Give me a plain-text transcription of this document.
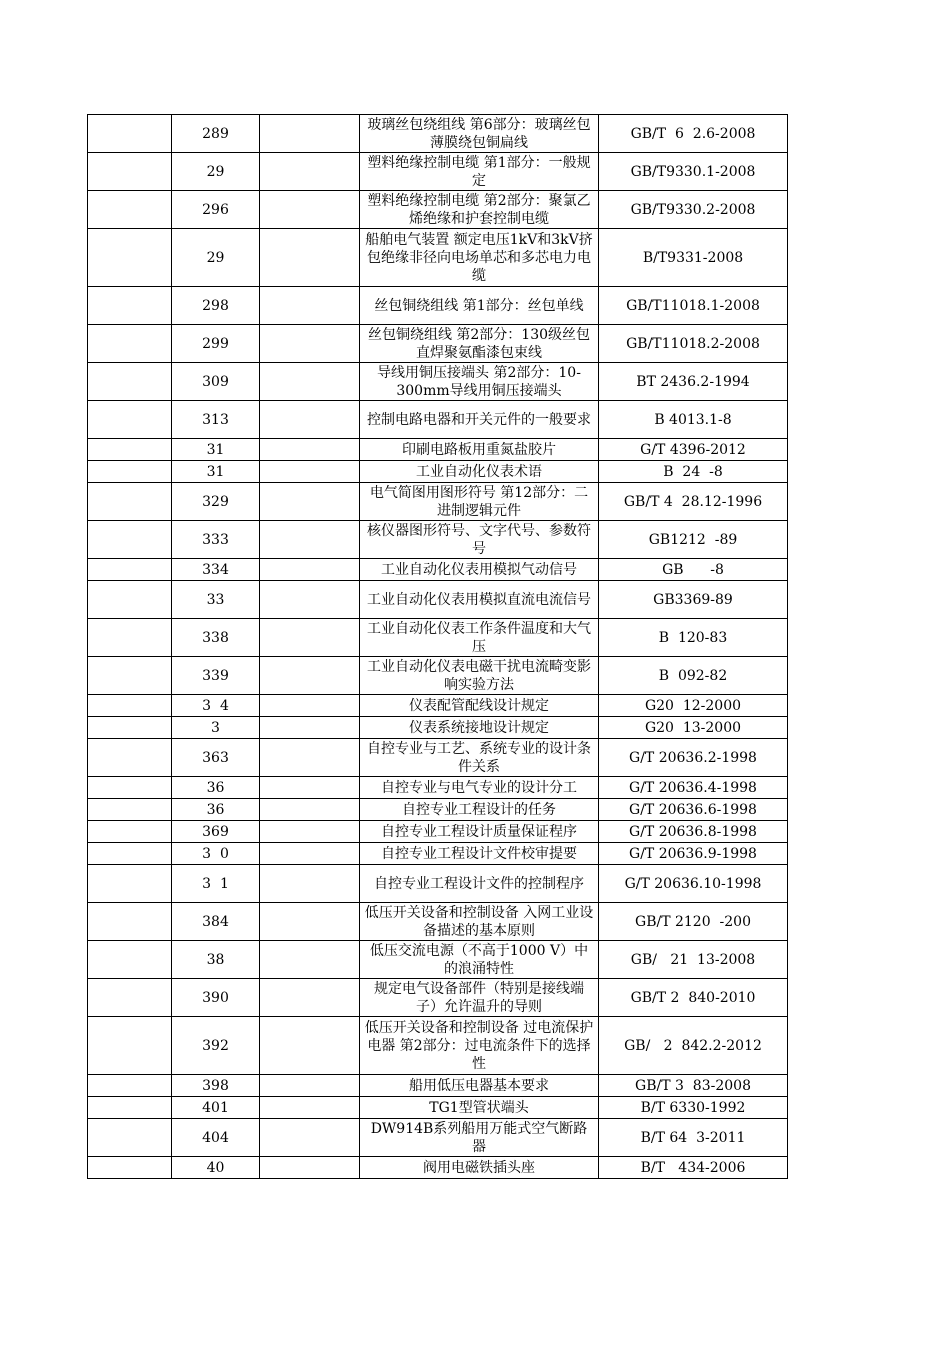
	289		玻璃丝包绕组线 第6部分：玻璃丝包薄膜绕包铜扁线	GB/T  6  2.6-2008

	29		塑料绝缘控制电缆 第1部分：一般规定	GB/T9330.1-2008

	296		塑料绝缘控制电缆 第2部分：聚氯乙烯绝缘和护套控制电缆	GB/T9330.2-2008

	29		船舶电气装置 额定电压1kV和3kV挤包绝缘非径向电场单芯和多芯电力电缆	B/T9331-2008

	298		丝包铜绕组线 第1部分：丝包单线	GB/T11018.1-2008

	299		丝包铜绕组线 第2部分：130级丝包直焊聚氨酯漆包束线	GB/T11018.2-2008

	309		导线用铜压接端头 第2部分：10-300mm导线用铜压接端头	BT 2436.2-1994

	313		控制电路电器和开关元件的一般要求	B 4013.1-8

	31		印刷电路板用重氮盐胶片	G/T 4396-2012

	31		工业自动化仪表术语	B  24  -8

	329		电气简图用图形符号 第12部分：二进制逻辑元件	GB/T 4  28.12-1996

	333		核仪器图形符号、文字代号、参数符号	GB1212  -89

	334		工业自动化仪表用模拟气动信号	GB      -8

	33		工业自动化仪表用模拟直流电流信号	GB3369-89

	338		工业自动化仪表工作条件温度和大气压	B  120-83

	339		工业自动化仪表电磁干扰电流畸变影响实验方法	B  092-82

	3  4		仪表配管配线设计规定	G20  12-2000

	3		仪表系统接地设计规定	G20  13-2000

	363		自控专业与工艺、系统专业的设计条件关系	G/T 20636.2-1998

	36		自控专业与电气专业的设计分工	G/T 20636.4-1998

	36		自控专业工程设计的任务	G/T 20636.6-1998

	369		自控专业工程设计质量保证程序	G/T 20636.8-1998

	3  0		自控专业工程设计文件校审提要	G/T 20636.9-1998

	3  1		自控专业工程设计文件的控制程序	G/T 20636.10-1998

	384		低压开关设备和控制设备 入网工业设备描述的基本原则	GB/T 2120  -200

	38		低压交流电源（不高于1000 V）中的浪涌特性	GB/   21  13-2008

	390		规定电气设备部件（特别是接线端子）允许温升的导则	GB/T 2  840-2010

	392		低压开关设备和控制设备 过电流保护电器 第2部分：过电流条件下的选择性	GB/   2  842.2-2012

	398		船用低压电器基本要求	GB/T 3  83-2008

	401		TG1型管状端头	B/T 6330-1992

	404		DW914B系列船用万能式空气断路器	B/T 64  3-2011

	40		阀用电磁铁插头座	B/T   434-2006
